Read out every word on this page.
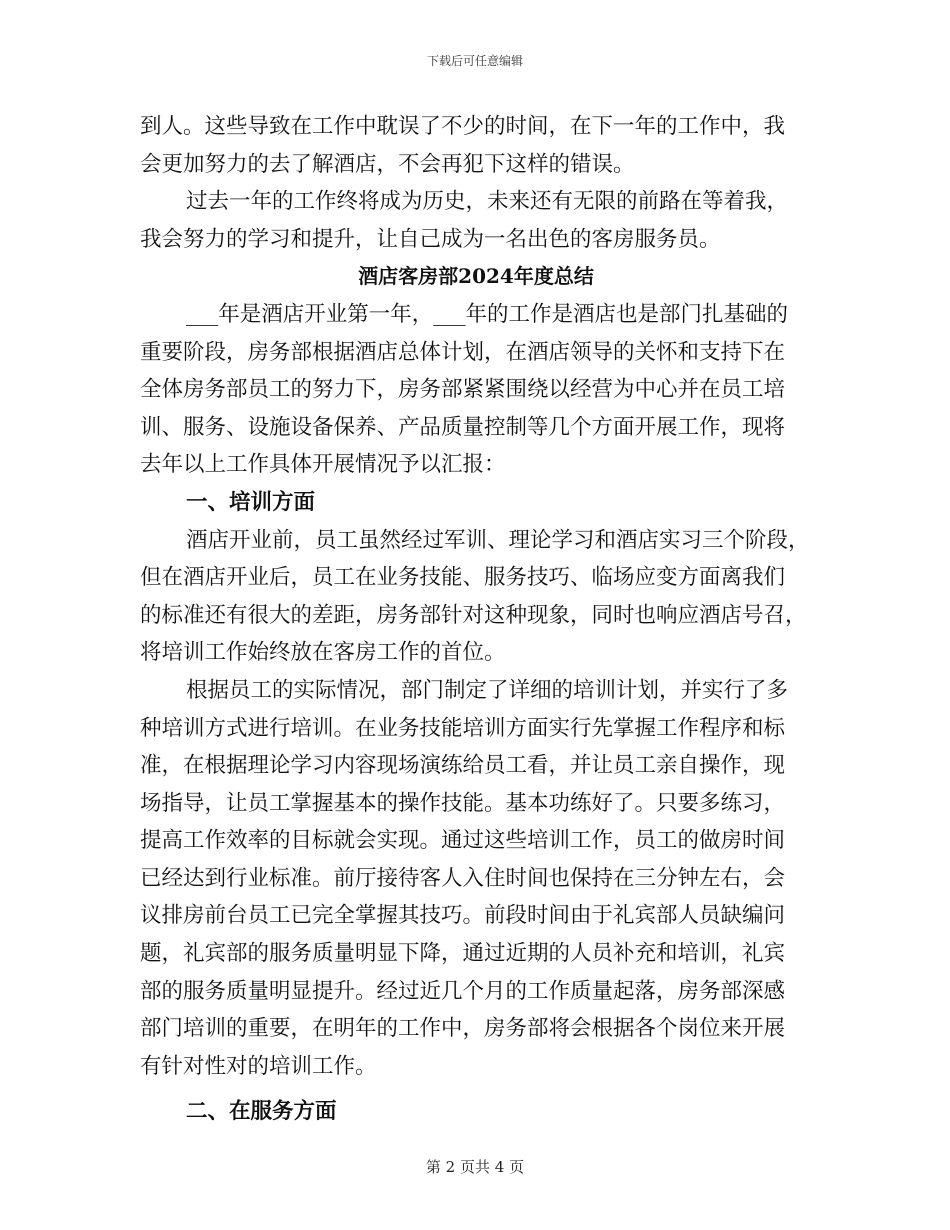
下载后可任意编辑
到人。这些导致在工作中耽误了不少的时间，在下一年的工作中，我
会更加努力的去了解酒店，不会再犯下这样的错误。
过去一年的工作终将成为历史，未来还有无限的前路在等着我，
我会努力的学习和提升，让自己成为一名出色的客房服务员。
酒店客房部2024年度总结
___年是酒店开业第一年，___年的工作是酒店也是部门扎基础的
重要阶段，房务部根据酒店总体计划，在酒店领导的关怀和支持下在
全体房务部员工的努力下，房务部紧紧围绕以经营为中心并在员工培
训、服务、设施设备保养、产品质量控制等几个方面开展工作，现将
去年以上工作具体开展情况予以汇报：
一、培训方面
酒店开业前，员工虽然经过军训、理论学习和酒店实习三个阶段，
但在酒店开业后，员工在业务技能、服务技巧、临场应变方面离我们
的标准还有很大的差距，房务部针对这种现象，同时也响应酒店号召，
将培训工作始终放在客房工作的首位。
根据员工的实际情况，部门制定了详细的培训计划，并实行了多
种培训方式进行培训。在业务技能培训方面实行先掌握工作程序和标
准，在根据理论学习内容现场演练给员工看，并让员工亲自操作，现
场指导，让员工掌握基本的操作技能。基本功练好了。只要多练习，
提高工作效率的目标就会实现。通过这些培训工作，员工的做房时间
已经达到行业标准。前厅接待客人入住时间也保持在三分钟左右，会
议排房前台员工已完全掌握其技巧。前段时间由于礼宾部人员缺编问
题，礼宾部的服务质量明显下降，通过近期的人员补充和培训，礼宾
部的服务质量明显提升。经过近几个月的工作质量起落，房务部深感
部门培训的重要，在明年的工作中，房务部将会根据各个岗位来开展
有针对性对的培训工作。
二、在服务方面
第 2 页共 4 页
